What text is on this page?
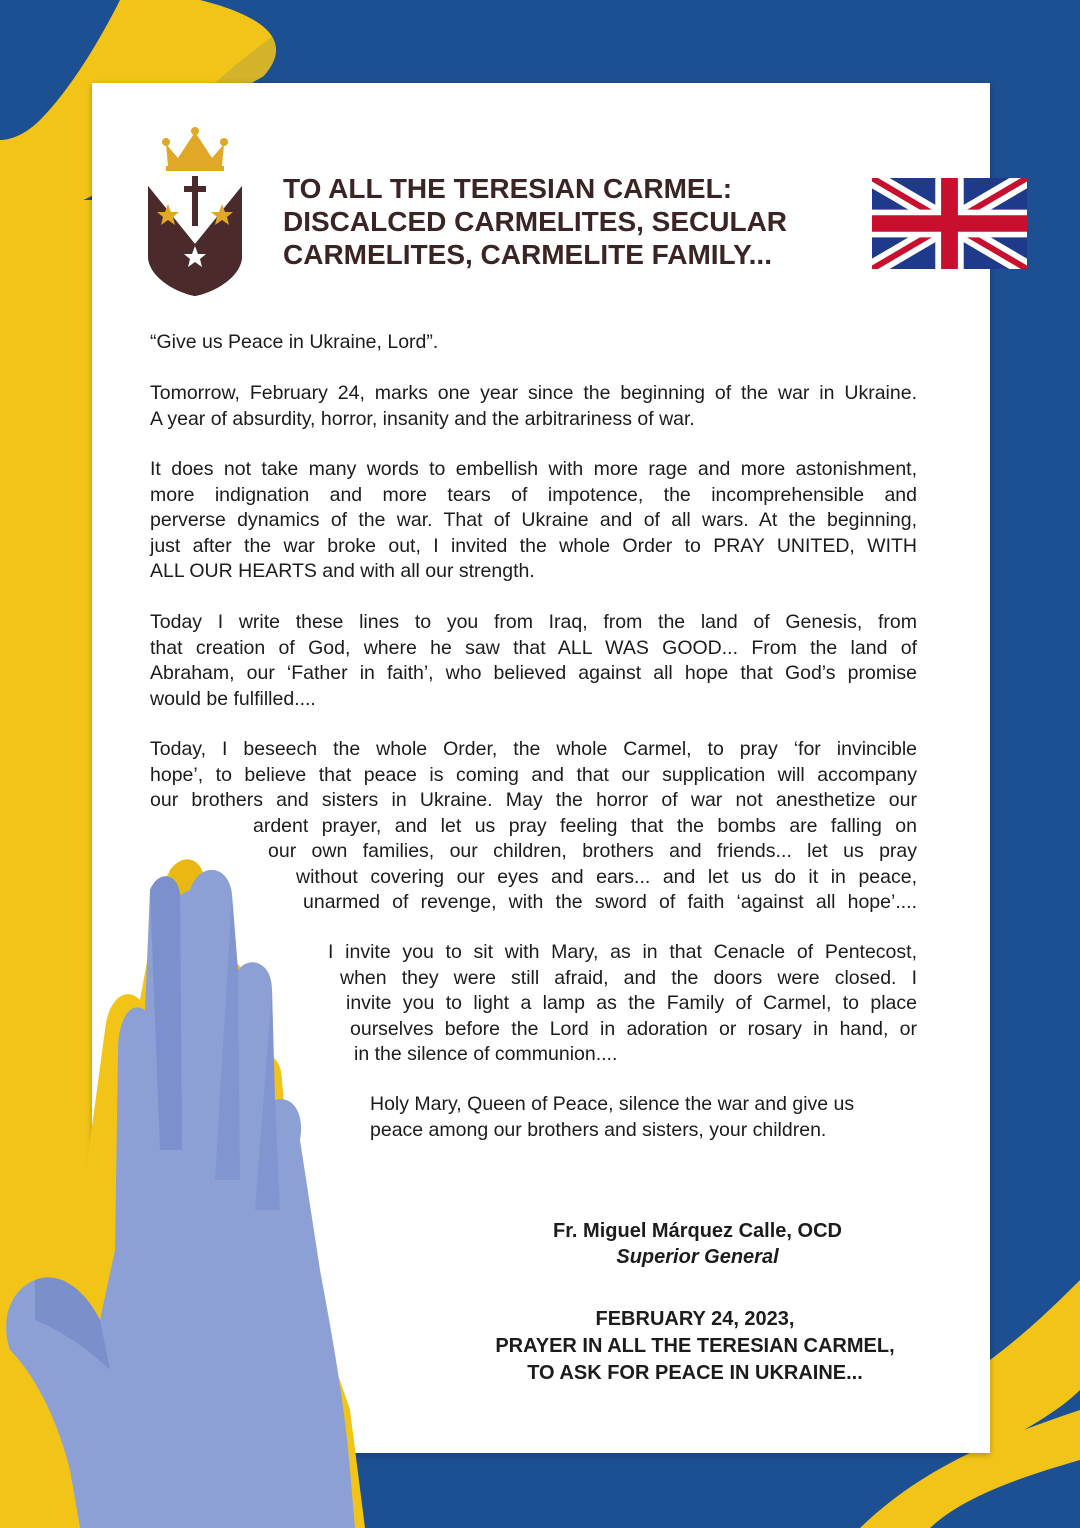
TO ALL THE TERESIAN CARMEL:
DISCALCED CARMELITES, SECULAR
CARMELITES, CARMELITE FAMILY...

“Give us Peace in Ukraine, Lord”.

Tomorrow, February 24, marks one year since the beginning of the war in Ukraine.
A year of absurdity, horror, insanity and the arbitrariness of war.

It does not take many words to embellish with more rage and more astonishment,
more indignation and more tears of impotence, the incomprehensible and
perverse dynamics of the war. That of Ukraine and of all wars. At the beginning,
just after the war broke out, I invited the whole Order to PRAY UNITED, WITH
ALL OUR HEARTS and with all our strength.

Today I write these lines to you from Iraq, from the land of Genesis, from
that creation of God, where he saw that ALL WAS GOOD... From the land of
Abraham, our ‘Father in faith’, who believed against all hope that God’s promise
would be fulfilled....

Today, I beseech the whole Order, the whole Carmel, to pray ‘for invincible
hope’, to believe that peace is coming and that our supplication will accompany
our brothers and sisters in Ukraine. May the horror of war not anesthetize our
ardent prayer, and let us pray feeling that the bombs are falling on
our own families, our children, brothers and friends... let us pray
without covering our eyes and ears... and let us do it in peace,
unarmed of revenge, with the sword of faith ‘against all hope’....

I invite you to sit with Mary, as in that Cenacle of Pentecost,
when they were still afraid, and the doors were closed. I
invite you to light a lamp as the Family of Carmel, to place
ourselves before the Lord in adoration or rosary in hand, or
in the silence of communion....

Holy Mary, Queen of Peace, silence the war and give us
peace among our brothers and sisters, your children.

Fr. Miguel Márquez Calle, OCD
Superior General

FEBRUARY 24, 2023,
PRAYER IN ALL THE TERESIAN CARMEL,
TO ASK FOR PEACE IN UKRAINE...
